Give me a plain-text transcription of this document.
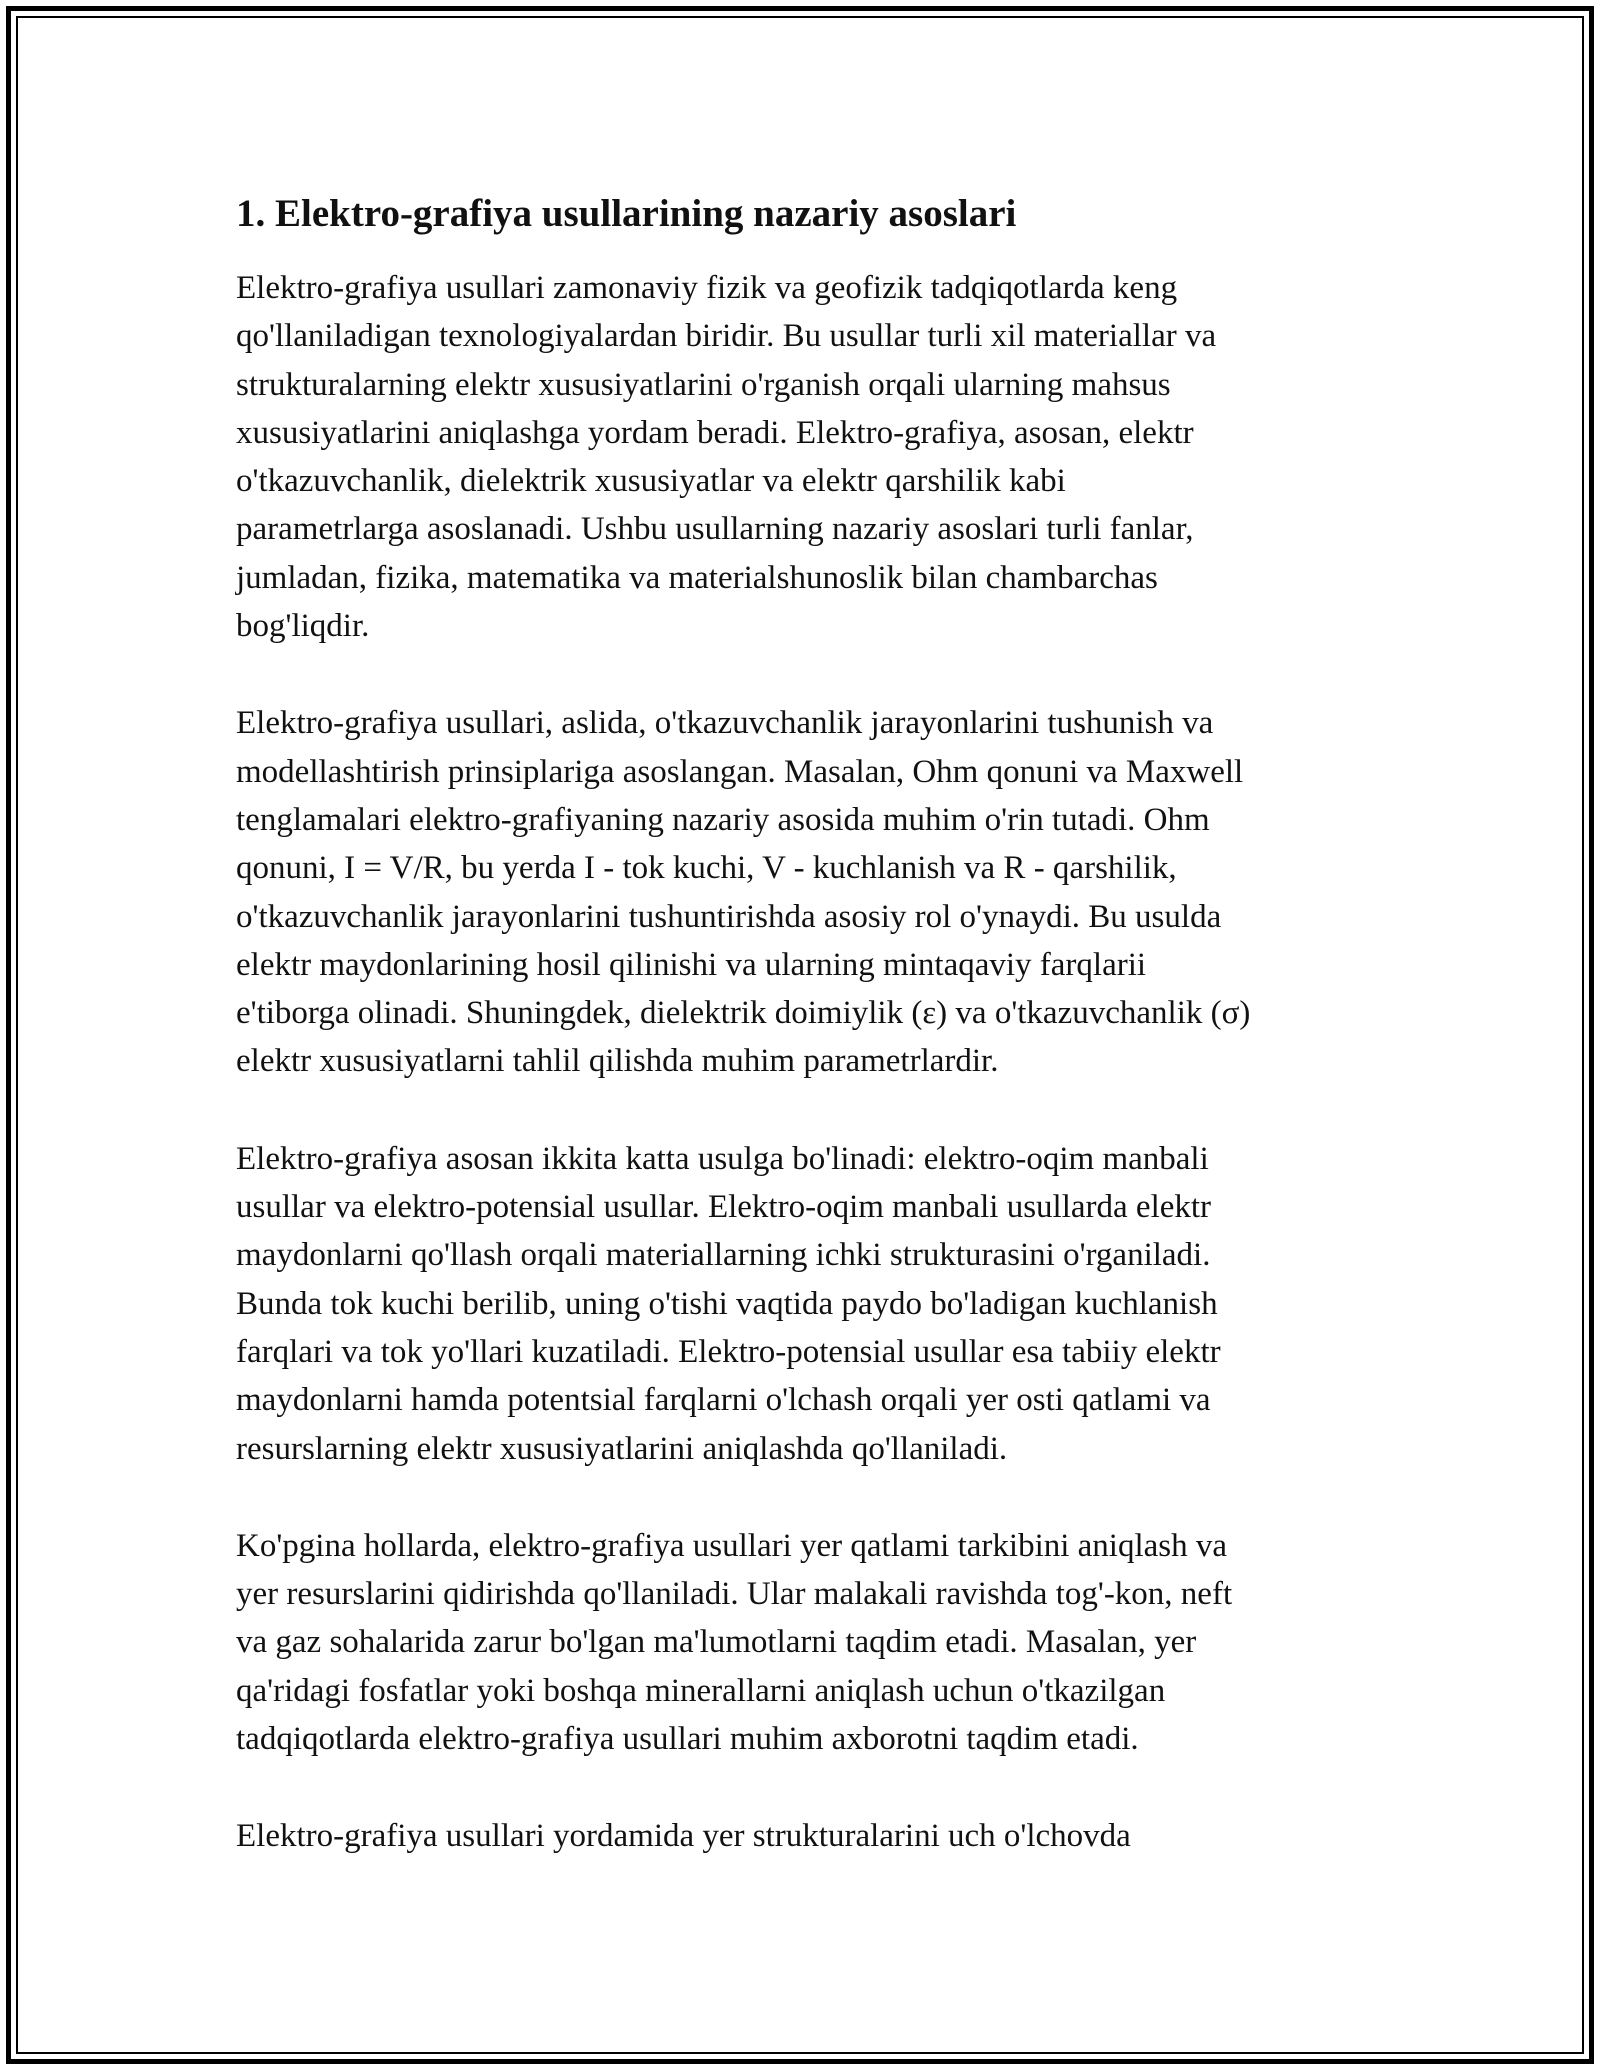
1. Elektro-grafiya usullarining nazariy asoslari

Elektro-grafiya usullari zamonaviy fizik va geofizik tadqiqotlarda keng
qo'llaniladigan texnologiyalardan biridir. Bu usullar turli xil materiallar va
strukturalarning elektr xususiyatlarini o'rganish orqali ularning mahsus
xususiyatlarini aniqlashga yordam beradi. Elektro-grafiya, asosan, elektr
o'tkazuvchanlik, dielektrik xususiyatlar va elektr qarshilik kabi
parametrlarga asoslanadi. Ushbu usullarning nazariy asoslari turli fanlar,
jumladan, fizika, matematika va materialshunoslik bilan chambarchas
bog'liqdir.

Elektro-grafiya usullari, aslida, o'tkazuvchanlik jarayonlarini tushunish va
modellashtirish prinsiplariga asoslangan. Masalan, Ohm qonuni va Maxwell
tenglamalari elektro-grafiyaning nazariy asosida muhim o'rin tutadi. Ohm
qonuni, I = V/R, bu yerda I - tok kuchi, V - kuchlanish va R - qarshilik,
o'tkazuvchanlik jarayonlarini tushuntirishda asosiy rol o'ynaydi. Bu usulda
elektr maydonlarining hosil qilinishi va ularning mintaqaviy farqlarii
e'tiborga olinadi. Shuningdek, dielektrik doimiylik (ε) va o'tkazuvchanlik (σ)
elektr xususiyatlarni tahlil qilishda muhim parametrlardir.

Elektro-grafiya asosan ikkita katta usulga bo'linadi: elektro-oqim manbali
usullar va elektro-potensial usullar. Elektro-oqim manbali usullarda elektr
maydonlarni qo'llash orqali materiallarning ichki strukturasini o'rganiladi.
Bunda tok kuchi berilib, uning o'tishi vaqtida paydo bo'ladigan kuchlanish
farqlari va tok yo'llari kuzatiladi. Elektro-potensial usullar esa tabiiy elektr
maydonlarni hamda potentsial farqlarni o'lchash orqali yer osti qatlami va
resurslarning elektr xususiyatlarini aniqlashda qo'llaniladi.

Ko'pgina hollarda, elektro-grafiya usullari yer qatlami tarkibini aniqlash va
yer resurslarini qidirishda qo'llaniladi. Ular malakali ravishda tog'-kon, neft
va gaz sohalarida zarur bo'lgan ma'lumotlarni taqdim etadi. Masalan, yer
qa'ridagi fosfatlar yoki boshqa minerallarni aniqlash uchun o'tkazilgan
tadqiqotlarda elektro-grafiya usullari muhim axborotni taqdim etadi.

Elektro-grafiya usullari yordamida yer strukturalarini uch o'lchovda
